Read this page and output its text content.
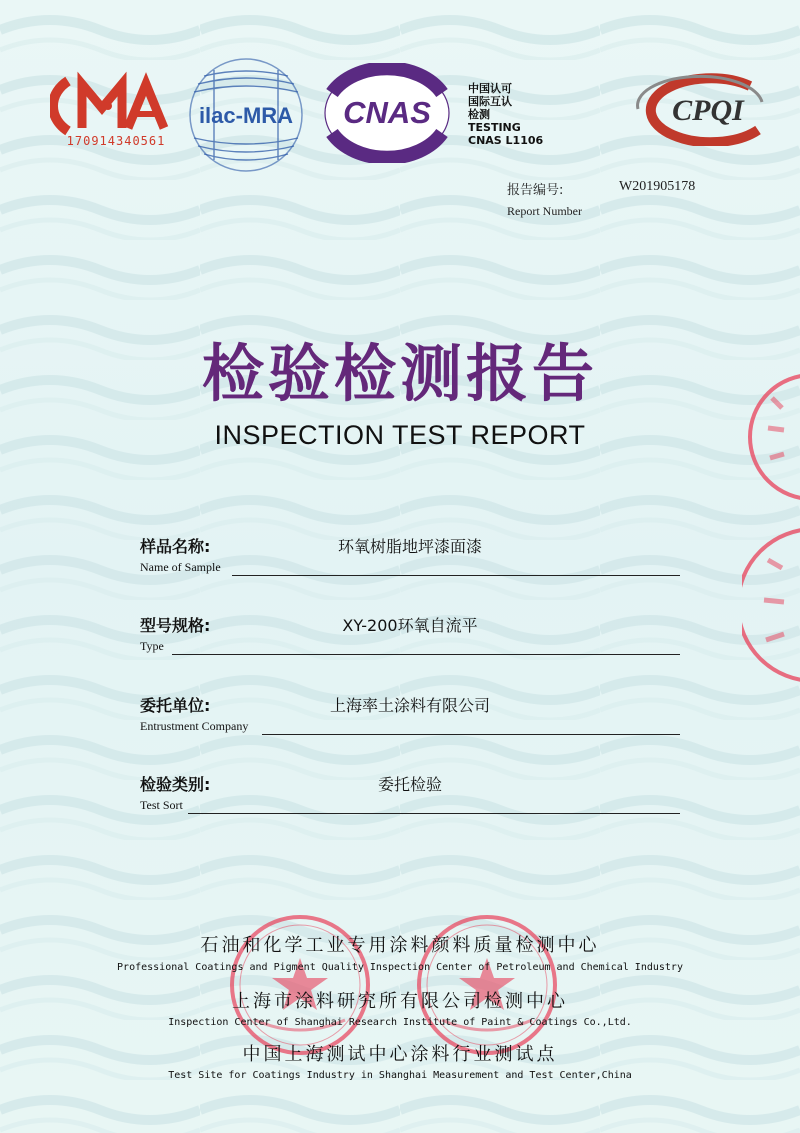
170914340561
ilac-MRA CNAS
中国认可
国际互认
检测
TESTING
CNAS L1106
CPQI
报告编号:	W201905178
Report Number
检验检测报告
INSPECTION TEST REPORT
样品名称:	环氧树脂地坪漆面漆
Name of Sample
型号规格:	XY-200环氧自流平
Type
委托单位:	上海率土涂料有限公司
Entrustment Company
检验类别:	委托检验
Test Sort
石油和化学工业专用涂料颜料质量检测中心
Professional Coatings and Pigment Quality Inspection Center of Petroleum and Chemical Industry
上海市涂料研究所有限公司检测中心
Inspection Center of Shanghai Research Institute of Paint & Coatings Co.,Ltd.
中国上海测试中心涂料行业测试点
Test Site for Coatings Industry in Shanghai Measurement and Test Center,China
